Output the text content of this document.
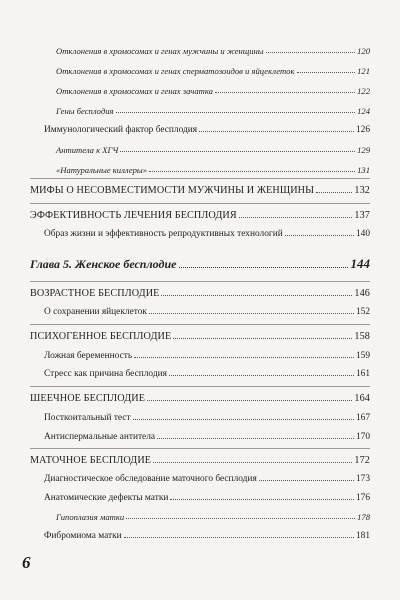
Отклонения в хромосомах и генах мужчины и женщины	120
Отклонения в хромосомах и генах сперматозоидов и яйцеклеток	121
Отклонения в хромосомах и генах зачатка	122
Гены бесплодия	124
Иммунологический фактор бесплодия	126
Антитела к ХГЧ	129
«Натуральные киллеры»	131
МИФЫ О НЕСОВМЕСТИМОСТИ МУЖЧИНЫ И ЖЕНЩИНЫ	132
ЭФФЕКТИВНОСТЬ ЛЕЧЕНИЯ БЕСПЛОДИЯ	137
Образ жизни и эффективность репродуктивных технологий	140
Глава 5. Женское бесплодие	144
ВОЗРАСТНОЕ БЕСПЛОДИЕ	146
О сохранении яйцеклеток	152
ПСИХОГЕННОЕ БЕСПЛОДИЕ	158
Ложная беременность	159
Стресс как причина бесплодия	161
ШЕЕЧНОЕ БЕСПЛОДИЕ	164
Посткоитальный тест	167
Антиспермальные антитела	170
МАТОЧНОЕ БЕСПЛОДИЕ	172
Диагностическое обследование маточного бесплодия	173
Анатомические дефекты матки	176
Гипоплазия матки	178
Фибромиома матки	181
6
